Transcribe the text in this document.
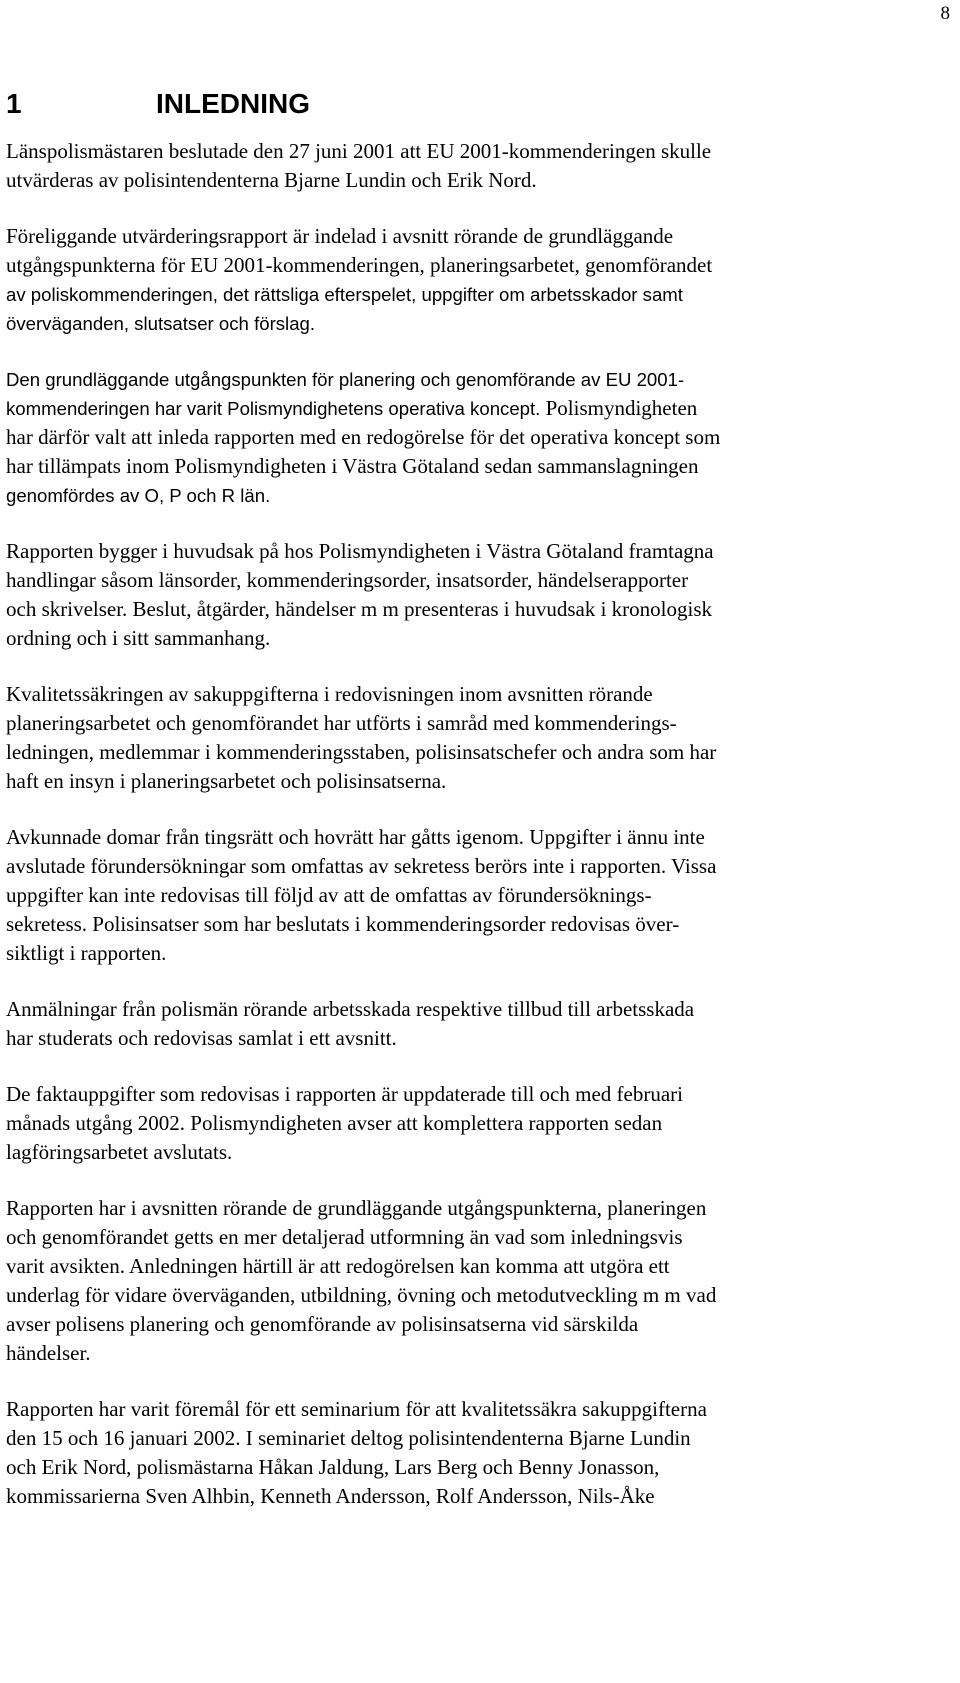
8
1	INLEDNING

Länspolismästaren beslutade den 27 juni 2001 att EU 2001-kommenderingen skulle
utvärderas av polisintendenterna Bjarne Lundin och Erik Nord.

Föreliggande utvärderingsrapport är indelad i avsnitt rörande de grundläggande
utgångspunkterna för EU 2001-kommenderingen, planeringsarbetet, genomförandet
av poliskommenderingen, det rättsliga efterspelet, uppgifter om arbetsskador samt
överväganden, slutsatser och förslag.

Den grundläggande utgångspunkten för planering och genomförande av EU 2001-
kommenderingen har varit Polismyndighetens operativa koncept. Polismyndigheten
har därför valt att inleda rapporten med en redogörelse för det operativa koncept som
har tillämpats inom Polismyndigheten i Västra Götaland sedan sammanslagningen
genomfördes av O, P och R län.

Rapporten bygger i huvudsak på hos Polismyndigheten i Västra Götaland framtagna
handlingar såsom länsorder, kommenderingsorder, insatsorder, händelserapporter
och skrivelser. Beslut, åtgärder, händelser m m presenteras i huvudsak i kronologisk
ordning och i sitt sammanhang.

Kvalitetssäkringen av sakuppgifterna i redovisningen inom avsnitten rörande
planeringsarbetet och genomförandet har utförts i samråd med kommenderings-
ledningen, medlemmar i kommenderingsstaben, polisinsatschefer och andra som har
haft en insyn i planeringsarbetet och polisinsatserna.

Avkunnade domar från tingsrätt och hovrätt har gåtts igenom. Uppgifter i ännu inte
avslutade förundersökningar som omfattas av sekretess berörs inte i rapporten. Vissa
uppgifter kan inte redovisas till följd av att de omfattas av förundersöknings-
sekretess. Polisinsatser som har beslutats i kommenderingsorder redovisas över-
siktligt i rapporten.

Anmälningar från polismän rörande arbetsskada respektive tillbud till arbetsskada
har studerats och redovisas samlat i ett avsnitt.

De faktauppgifter som redovisas i rapporten är uppdaterade till och med februari
månads utgång 2002. Polismyndigheten avser att komplettera rapporten sedan
lagföringsarbetet avslutats.

Rapporten har i avsnitten rörande de grundläggande utgångspunkterna, planeringen
och genomförandet getts en mer detaljerad utformning än vad som inledningsvis
varit avsikten. Anledningen härtill är att redogörelsen kan komma att utgöra ett
underlag för vidare överväganden, utbildning, övning och metodutveckling m m vad
avser polisens planering och genomförande av polisinsatserna vid särskilda
händelser.

Rapporten har varit föremål för ett seminarium för att kvalitetssäkra sakuppgifterna
den 15 och 16 januari 2002. I seminariet deltog polisintendenterna Bjarne Lundin
och Erik Nord, polismästarna Håkan Jaldung, Lars Berg och Benny Jonasson,
kommissarierna Sven Alhbin, Kenneth Andersson, Rolf Andersson, Nils-Åke
